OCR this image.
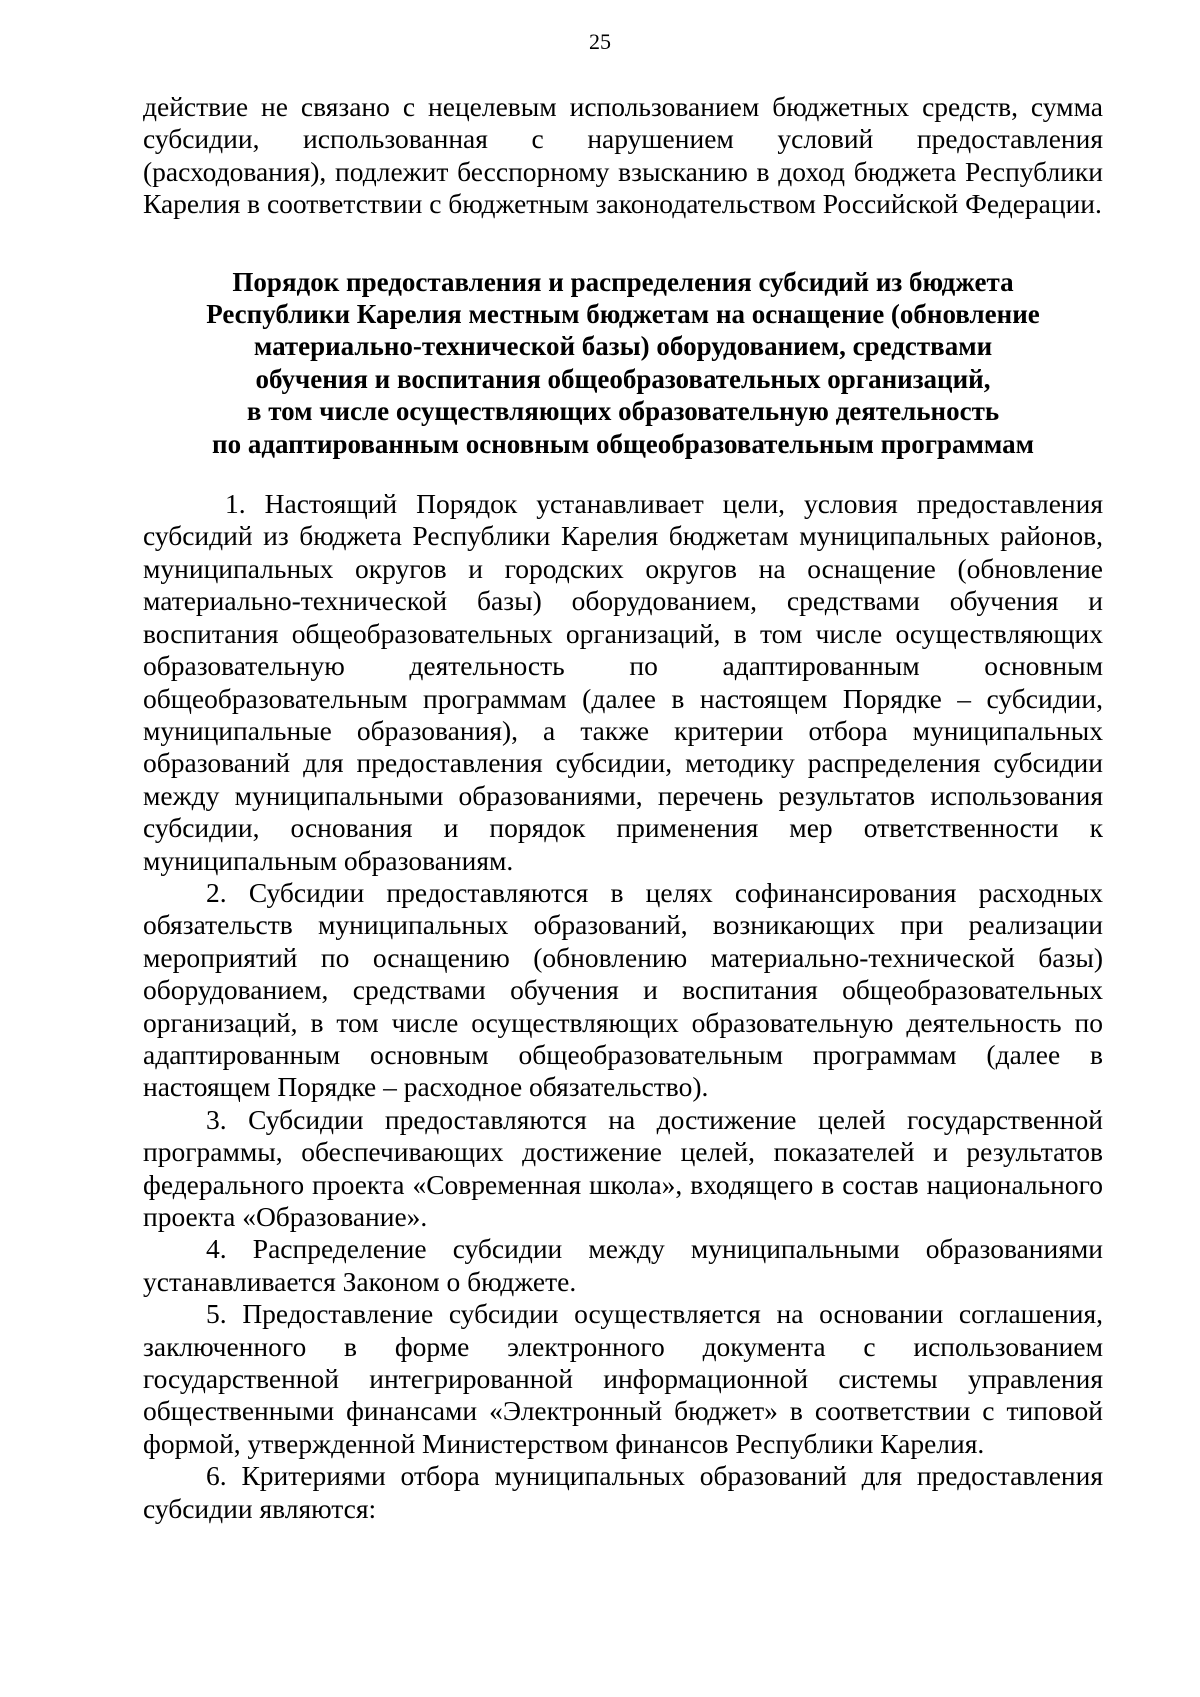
25

действие не связано с нецелевым использованием бюджетных средств, сумма субсидии, использованная с нарушением условий предоставления (расходования), подлежит бесспорному взысканию в доход бюджета Республики Карелия в соответствии с бюджетным законодательством Российской Федерации.

Порядок предоставления и распределения субсидий из бюджета
Республики Карелия местным бюджетам на оснащение (обновление
материально-технической базы) оборудованием, средствами
обучения и воспитания общеобразовательных организаций,
в том числе осуществляющих образовательную деятельность
по адаптированным основным общеобразовательным программам

1. Настоящий Порядок устанавливает цели, условия предоставления субсидий из бюджета Республики Карелия бюджетам муниципальных районов, муниципальных округов и городских округов на оснащение (обновление материально-технической базы) оборудованием, средствами обучения и воспитания общеобразовательных организаций, в том числе осуществляющих образовательную деятельность по адаптированным основным общеобразовательным программам (далее в настоящем Порядке – субсидии, муниципальные образования), а также критерии отбора муниципальных образований для предоставления субсидии, методику распределения субсидии между муниципальными образованиями, перечень результатов использования субсидии, основания и порядок применения мер ответственности к муниципальным образованиям.

2. Субсидии предоставляются в целях софинансирования расходных обязательств муниципальных образований, возникающих при реализации мероприятий по оснащению (обновлению материально-технической базы) оборудованием, средствами обучения и воспитания общеобразовательных организаций, в том числе осуществляющих образовательную деятельность по адаптированным основным общеобразовательным программам (далее в настоящем Порядке – расходное обязательство).

3. Субсидии предоставляются на достижение целей государственной программы, обеспечивающих достижение целей, показателей и результатов федерального проекта «Современная школа», входящего в состав национального проекта «Образование».

4. Распределение субсидии между муниципальными образованиями устанавливается Законом о бюджете.

5. Предоставление субсидии осуществляется на основании соглашения, заключенного в форме электронного документа с использованием государственной интегрированной информационной системы управления общественными финансами «Электронный бюджет» в соответствии с типовой формой, утвержденной Министерством финансов Республики Карелия.

6. Критериями отбора муниципальных образований для предоставления субсидии являются:
